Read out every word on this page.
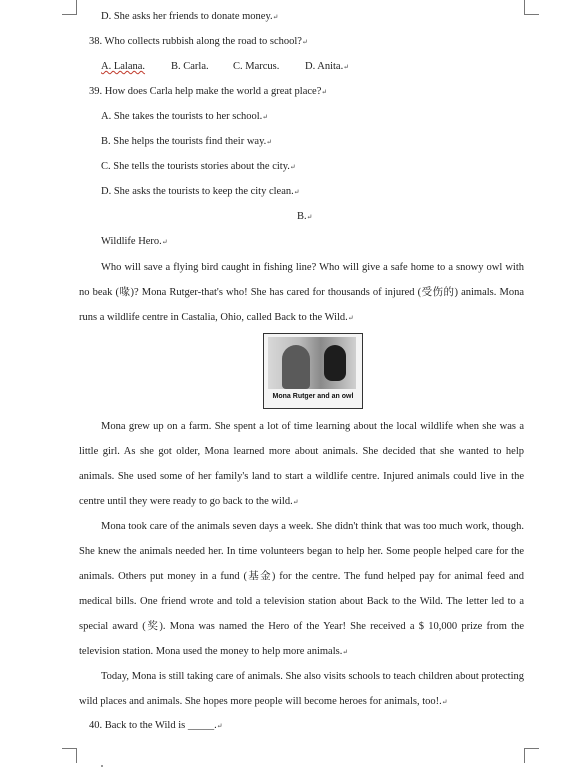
D. She asks her friends to donate money.↵
38. Who collects rubbish along the road to school?↵
A. Lalana. B. Carla. C. Marcus. D. Anita.↵
39. How does Carla help make the world a great place?↵
A. She takes the tourists to her school.↵
B. She helps the tourists find their way.↵
C. She tells the tourists stories about the city.↵
D. She asks the tourists to keep the city clean.↵
B.↵
Wildlife Hero.↵
Who will save a flying bird caught in fishing line? Who will give a safe home to a snowy owl with no beak (喙)? Mona Rutger-that's who! She has cared for thousands of injured (受伤的) animals. Mona runs a wildlife centre in Castalia, Ohio, called Back to the Wild.↵
Mona Rutger and an owl
Mona grew up on a farm. She spent a lot of time learning about the local wildlife when she was a little girl. As she got older, Mona learned more about animals. She decided that she wanted to help animals. She used some of her family's land to start a wildlife centre. Injured animals could live in the centre until they were ready to go back to the wild.↵
Mona took care of the animals seven days a week. She didn't think that was too much work, though. She knew the animals needed her. In time volunteers began to help her. Some people helped care for the animals. Others put money in a fund (基金) for the centre. The fund helped pay for animal feed and medical bills. One friend wrote and told a television station about Back to the Wild. The letter led to a special award (奖). Mona was named the Hero of the Year! She received a $ 10,000 prize from the television station. Mona used the money to help more animals.↵
Today, Mona is still taking care of animals. She also visits schools to teach children about protecting wild places and animals. She hopes more people will become heroes for animals, too!.↵
40. Back to the Wild is _____.↵
